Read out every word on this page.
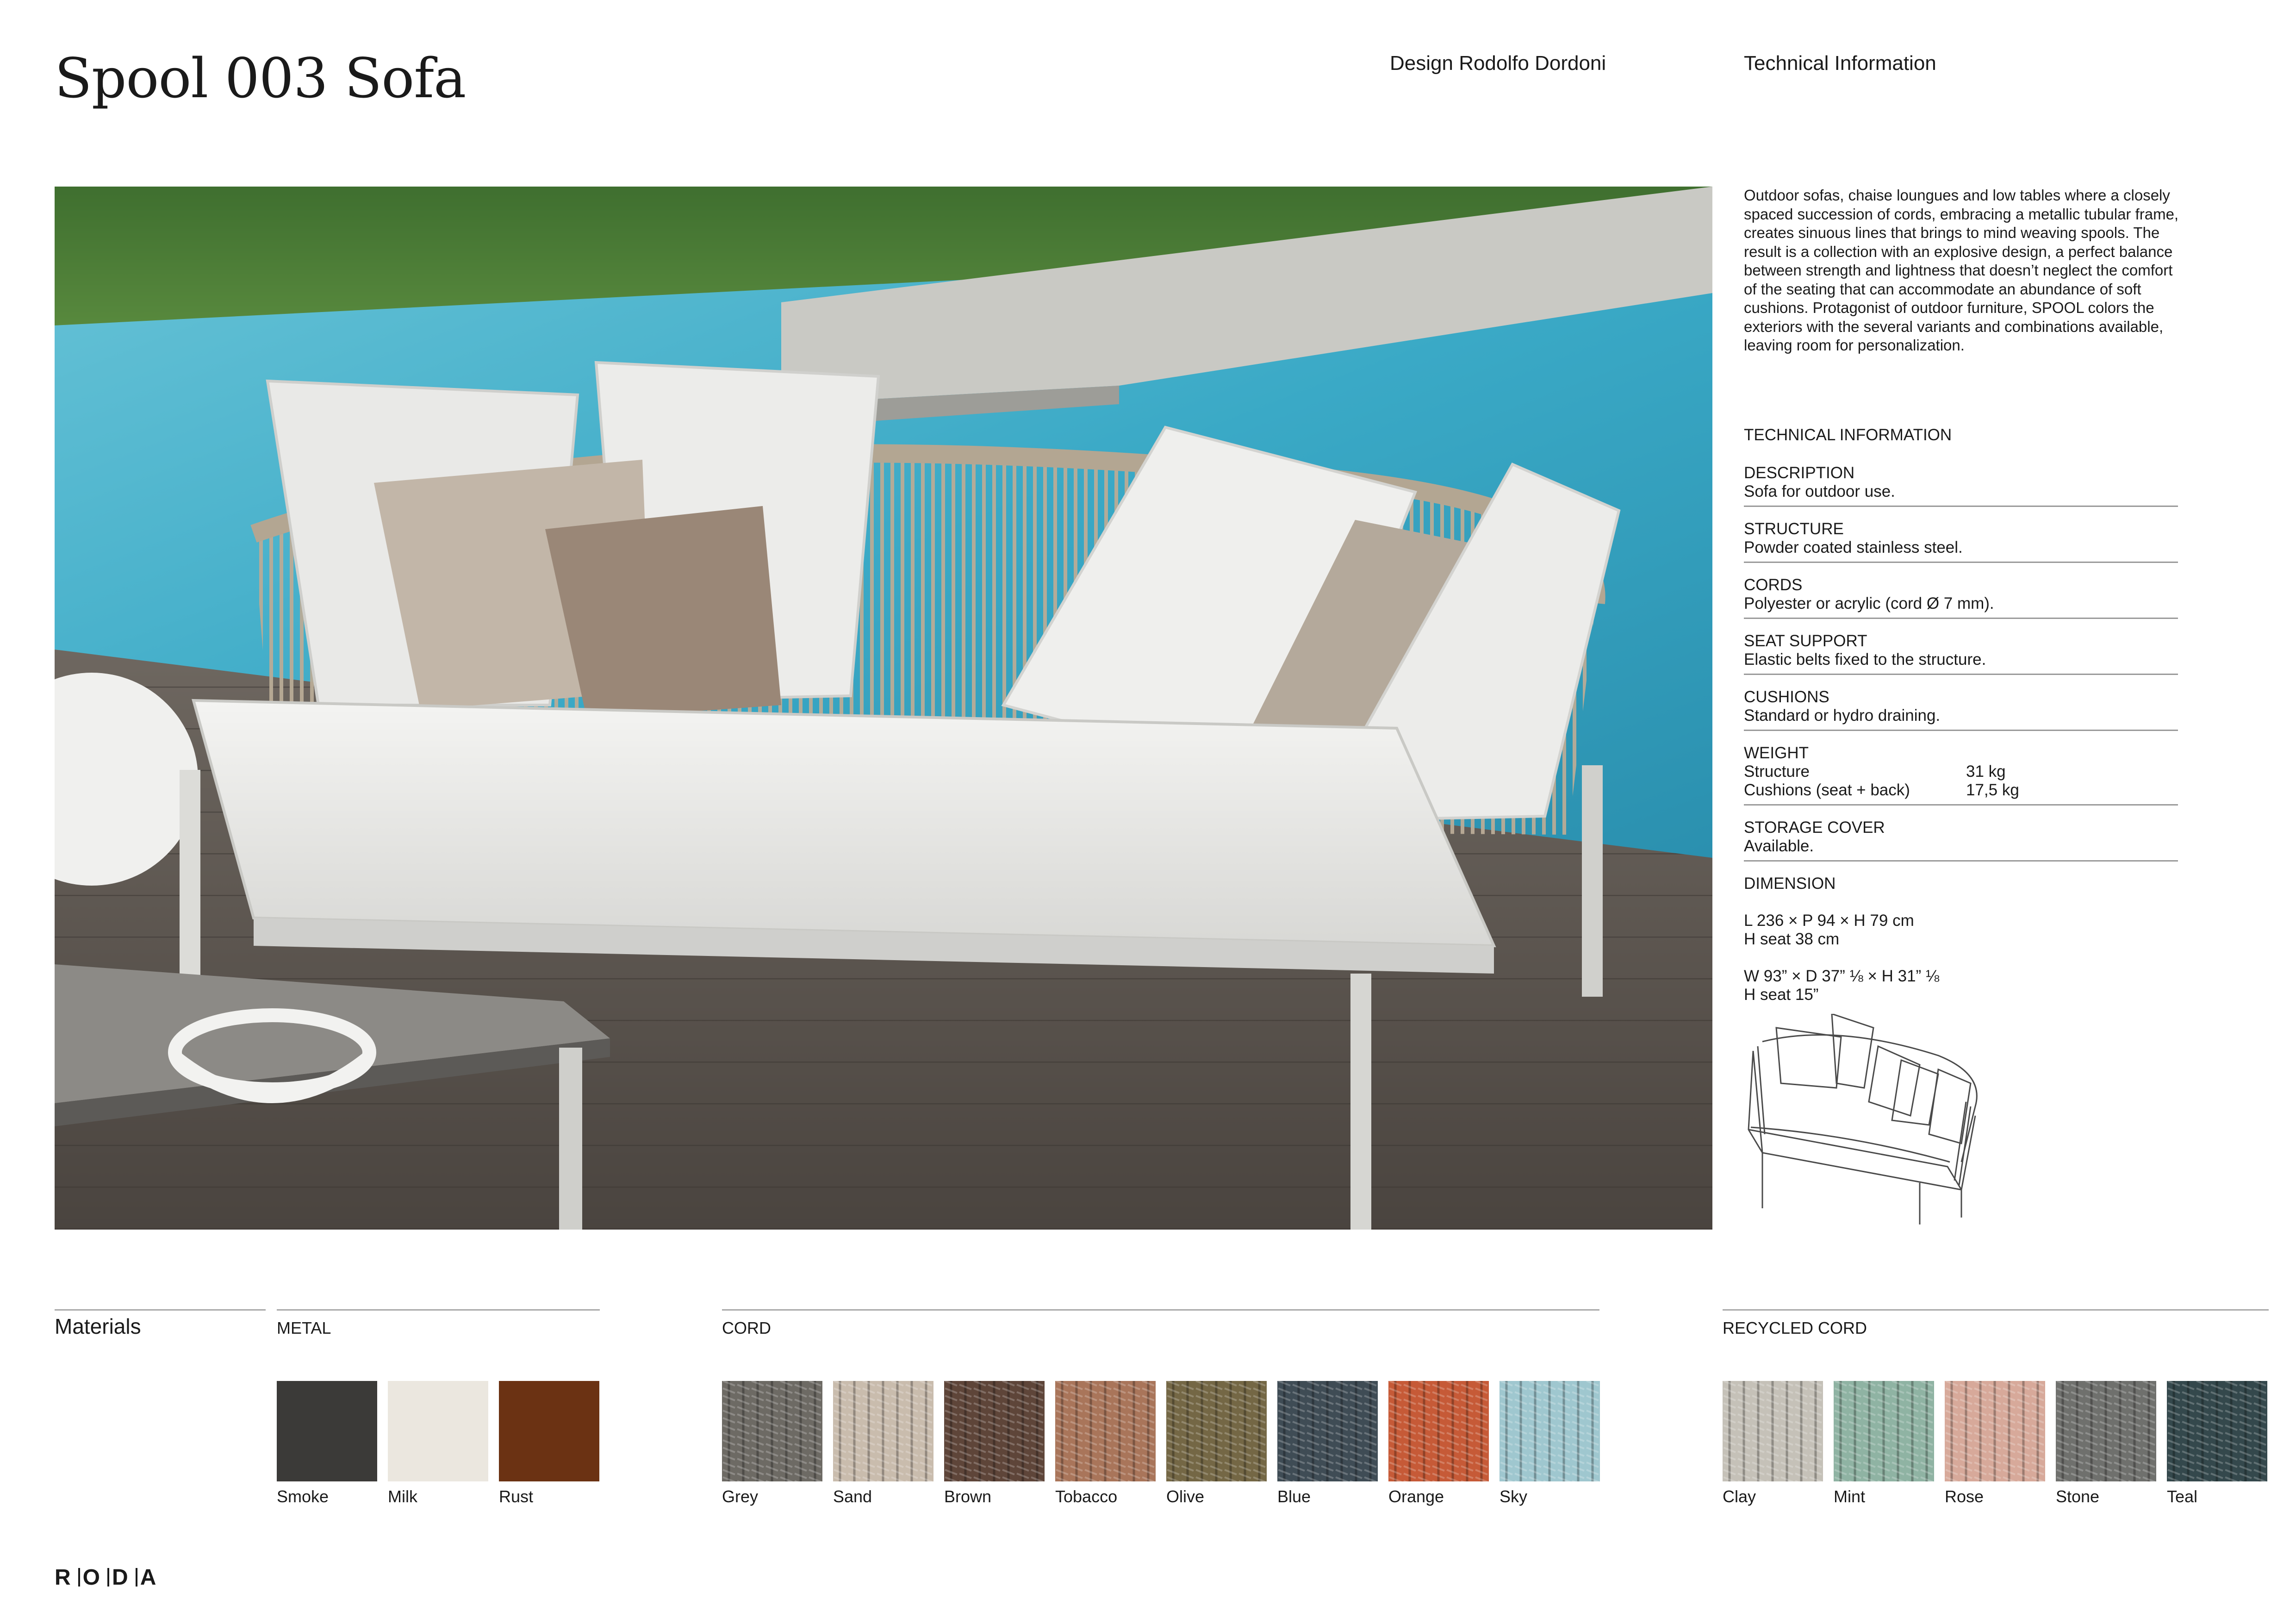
Spool 003 Sofa	Design Rodolfo Dordoni	Technical Information
Outdoor sofas, chaise loungues and low tables where a closely spaced succession of cords, embracing a metallic tubular frame, creates sinuous lines that brings to mind weaving spools. The result is a collection with an explosive design, a perfect balance between strength and lightness that doesn’t neglect the comfort of the seating that can accommodate an abundance of soft cushions. Protagonist of outdoor furniture, SPOOL colors the exteriors with the several variants and combinations available, leaving room for personalization.
TECHNICAL INFORMATION
DESCRIPTION
Sofa for outdoor use.
STRUCTURE
Powder coated stainless steel.
CORDS
Polyester or acrylic (cord Ø 7 mm).
SEAT SUPPORT
Elastic belts fixed to the structure.
CUSHIONS
Standard or hydro draining.
WEIGHT
Structure	31 kg
Cushions (seat + back)	17,5 kg
STORAGE COVER
Available.
DIMENSION
L 236 × P 94 × H 79 cm
H seat 38 cm
W 93” × D 37” ⅛ × H 31” ⅛
H seat 15”
Materials	METAL	CORD	RECYCLED CORD
Smoke	Milk	Rust	Grey	Sand	Brown	Tobacco	Olive	Blue	Orange	Sky	Clay	Mint	Rose	Stone	Teal
R O D A
